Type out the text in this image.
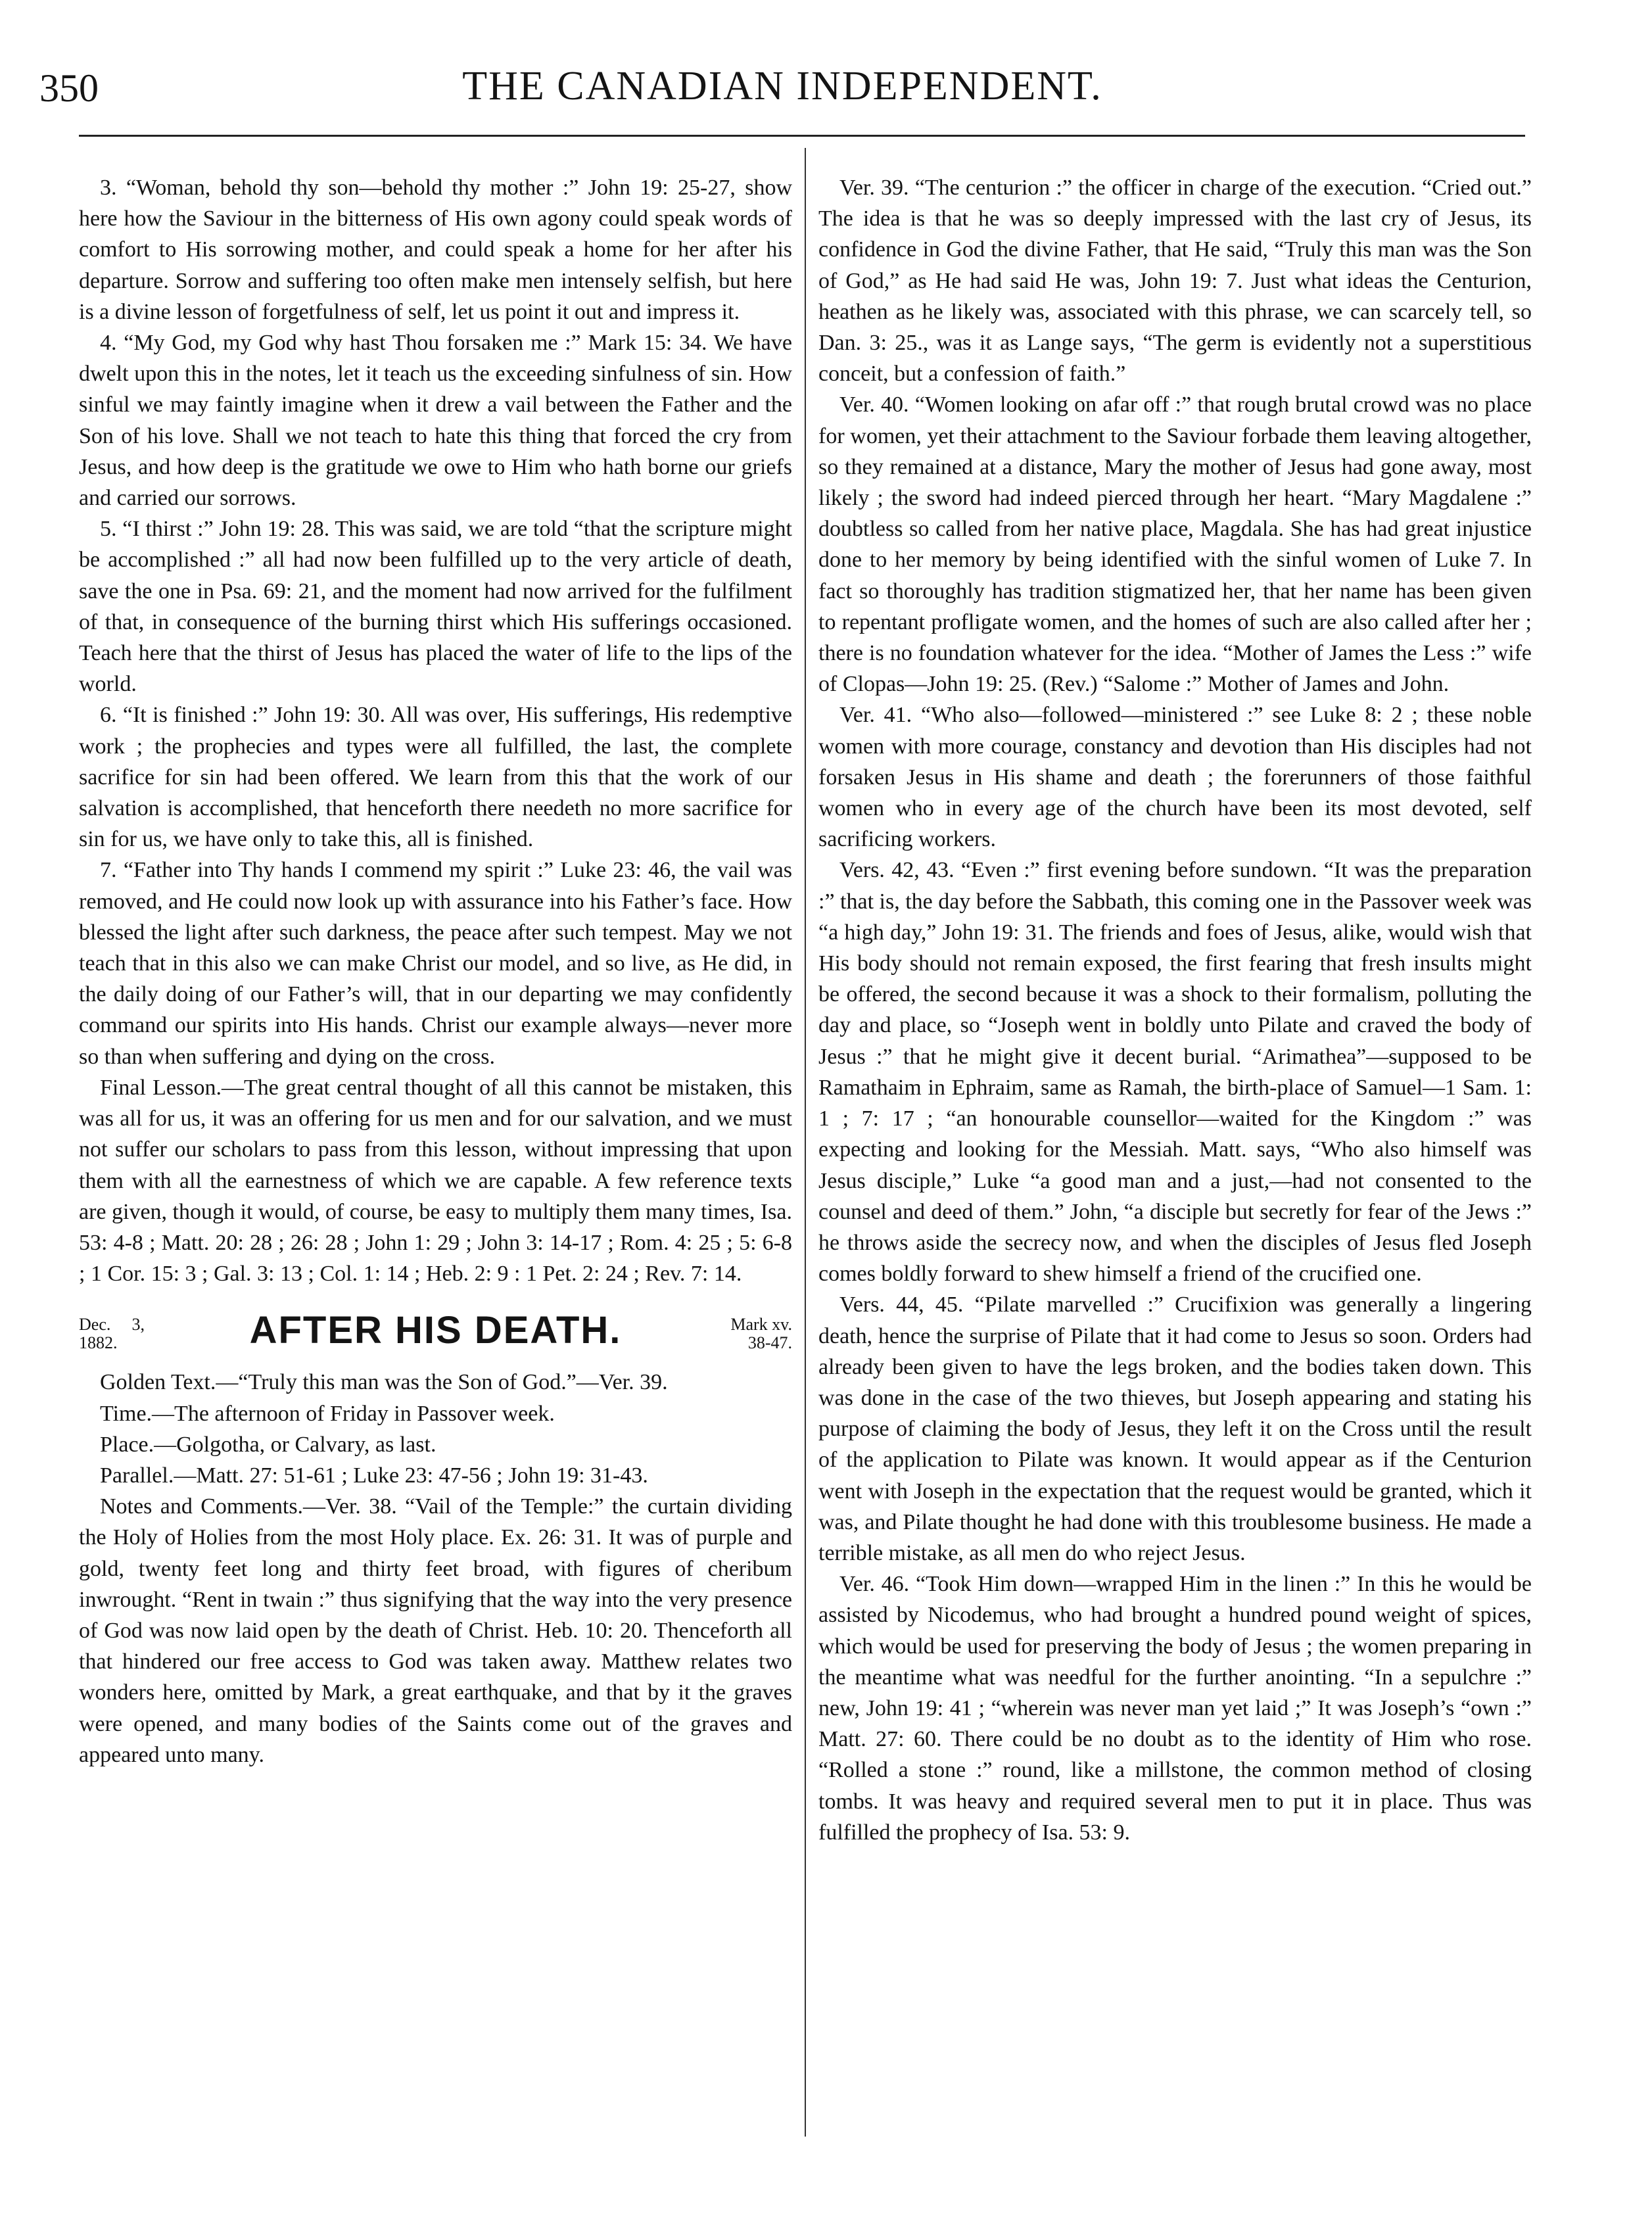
350	THE CANADIAN INDEPENDENT.

3. “Woman, behold thy son—behold thy mother :” John 19: 25-27, show here how the Saviour in the bitterness of His own agony could speak words of comfort to His sorrowing mother, and could speak a home for her after his departure. Sorrow and suffering too often make men intensely selfish, but here is a divine lesson of forgetfulness of self, let us point it out and impress it.

4. “My God, my God why hast Thou forsaken me :” Mark 15: 34. We have dwelt upon this in the notes, let it teach us the exceeding sinfulness of sin. How sinful we may faintly imagine when it drew a vail between the Father and the Son of his love. Shall we not teach to hate this thing that forced the cry from Jesus, and how deep is the gratitude we owe to Him who hath borne our griefs and carried our sorrows.

5. “I thirst :” John 19: 28. This was said, we are told “that the scripture might be accomplished :” all had now been fulfilled up to the very article of death, save the one in Psa. 69: 21, and the moment had now arrived for the fulfilment of that, in consequence of the burning thirst which His sufferings occasioned. Teach here that the thirst of Jesus has placed the water of life to the lips of the world.

6. “It is finished :” John 19: 30. All was over, His sufferings, His redemptive work ; the prophecies and types were all fulfilled, the last, the complete sacrifice for sin had been offered. We learn from this that the work of our salvation is accomplished, that henceforth there needeth no more sacrifice for sin for us, we have only to take this, all is finished.

7. “Father into Thy hands I commend my spirit :” Luke 23: 46, the vail was removed, and He could now look up with assurance into his Father’s face. How blessed the light after such darkness, the peace after such tempest. May we not teach that in this also we can make Christ our model, and so live, as He did, in the daily doing of our Father’s will, that in our departing we may confidently command our spirits into His hands. Christ our example always—never more so than when suffering and dying on the cross.

Final Lesson.—The great central thought of all this cannot be mistaken, this was all for us, it was an offering for us men and for our salvation, and we must not suffer our scholars to pass from this lesson, without impressing that upon them with all the earnestness of which we are capable. A few reference texts are given, though it would, of course, be easy to multiply them many times, Isa. 53: 4-8 ; Matt. 20: 28 ; 26: 28 ; John 1: 29 ; John 3: 14-17 ; Rom. 4: 25 ; 5: 6-8 ; 1 Cor. 15: 3 ; Gal. 3: 13 ; Col. 1: 14 ; Heb. 2: 9 : 1 Pet. 2: 24 ; Rev. 7: 14.

Dec. 3, 1882.	AFTER HIS DEATH.	Mark xv. 38-47.

Golden Text.—“Truly this man was the Son of God.”—Ver. 39.

Time.—The afternoon of Friday in Passover week.

Place.—Golgotha, or Calvary, as last.

Parallel.—Matt. 27: 51-61 ; Luke 23: 47-56 ; John 19: 31-43.

Notes and Comments.—Ver. 38. “Vail of the Temple:” the curtain dividing the Holy of Holies from the most Holy place. Ex. 26: 31. It was of purple and gold, twenty feet long and thirty feet broad, with figures of cheribum inwrought. “Rent in twain :” thus signifying that the way into the very presence of God was now laid open by the death of Christ. Heb. 10: 20. Thenceforth all that hindered our free access to God was taken away. Matthew relates two wonders here, omitted by Mark, a great earthquake, and that by it the graves were opened, and many bodies of the Saints come out of the graves and appeared unto many.

Ver. 39. “The centurion :” the officer in charge of the execution. “Cried out.” The idea is that he was so deeply impressed with the last cry of Jesus, its confidence in God the divine Father, that He said, “Truly this man was the Son of God,” as He had said He was, John 19: 7. Just what ideas the Centurion, heathen as he likely was, associated with this phrase, we can scarcely tell, so Dan. 3: 25., was it as Lange says, “The germ is evidently not a superstitious conceit, but a confession of faith.”

Ver. 40. “Women looking on afar off :” that rough brutal crowd was no place for women, yet their attachment to the Saviour forbade them leaving altogether, so they remained at a distance, Mary the mother of Jesus had gone away, most likely ; the sword had indeed pierced through her heart. “Mary Magdalene :” doubtless so called from her native place, Magdala. She has had great injustice done to her memory by being identified with the sinful women of Luke 7. In fact so thoroughly has tradition stigmatized her, that her name has been given to repentant profligate women, and the homes of such are also called after her ; there is no foundation whatever for the idea. “Mother of James the Less :” wife of Clopas—John 19: 25. (Rev.) “Salome :” Mother of James and John.

Ver. 41. “Who also—followed—ministered :” see Luke 8: 2 ; these noble women with more courage, constancy and devotion than His disciples had not forsaken Jesus in His shame and death ; the forerunners of those faithful women who in every age of the church have been its most devoted, self sacrificing workers.

Vers. 42, 43. “Even :” first evening before sundown. “It was the preparation :” that is, the day before the Sabbath, this coming one in the Passover week was “a high day,” John 19: 31. The friends and foes of Jesus, alike, would wish that His body should not remain exposed, the first fearing that fresh insults might be offered, the second because it was a shock to their formalism, polluting the day and place, so “Joseph went in boldly unto Pilate and craved the body of Jesus :” that he might give it decent burial. “Arimathea”—supposed to be Ramathaim in Ephraim, same as Ramah, the birth-place of Samuel—1 Sam. 1: 1 ; 7: 17 ; “an honourable counsellor—waited for the Kingdom :” was expecting and looking for the Messiah. Matt. says, “Who also himself was Jesus disciple,” Luke “a good man and a just,—had not consented to the counsel and deed of them.” John, “a disciple but secretly for fear of the Jews :” he throws aside the secrecy now, and when the disciples of Jesus fled Joseph comes boldly forward to shew himself a friend of the crucified one.

Vers. 44, 45. “Pilate marvelled :” Crucifixion was generally a lingering death, hence the surprise of Pilate that it had come to Jesus so soon. Orders had already been given to have the legs broken, and the bodies taken down. This was done in the case of the two thieves, but Joseph appearing and stating his purpose of claiming the body of Jesus, they left it on the Cross until the result of the application to Pilate was known. It would appear as if the Centurion went with Joseph in the expectation that the request would be granted, which it was, and Pilate thought he had done with this troublesome business. He made a terrible mistake, as all men do who reject Jesus.

Ver. 46. “Took Him down—wrapped Him in the linen :” In this he would be assisted by Nicodemus, who had brought a hundred pound weight of spices, which would be used for preserving the body of Jesus ; the women preparing in the meantime what was needful for the further anointing. “In a sepulchre :” new, John 19: 41 ; “wherein was never man yet laid ;” It was Joseph’s “own :” Matt. 27: 60. There could be no doubt as to the identity of Him who rose. “Rolled a stone :” round, like a millstone, the common method of closing tombs. It was heavy and required several men to put it in place. Thus was fulfilled the prophecy of Isa. 53: 9.
